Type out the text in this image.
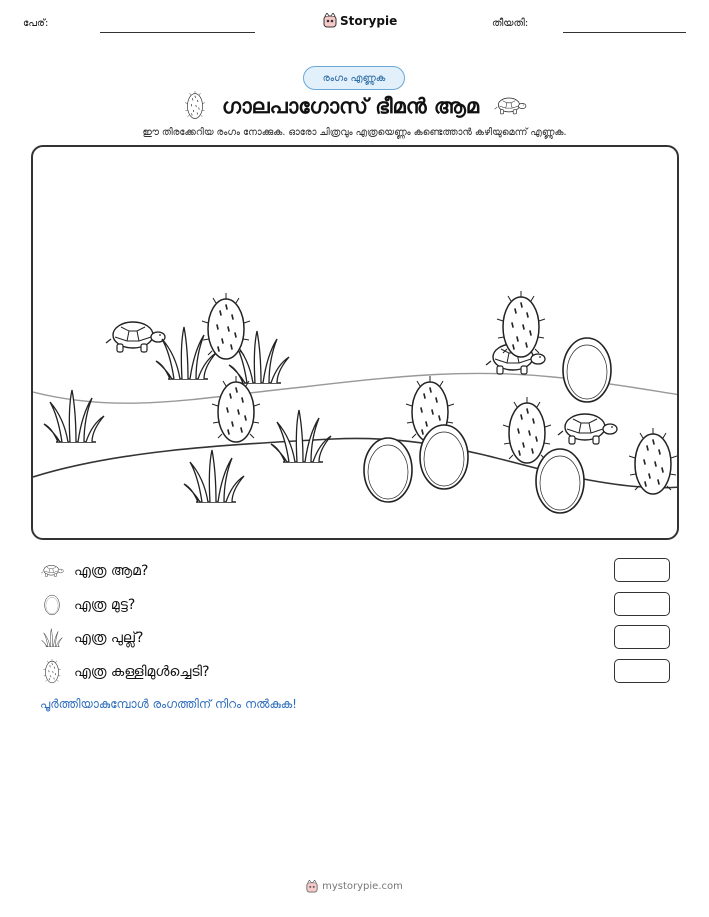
പേര്:	Storypie	തീയതി:
രംഗം എണ്ണുക
ഗാലപാഗോസ് ഭീമൻ ആമ
ഈ തിരക്കേറിയ രംഗം നോക്കുക. ഓരോ ചിത്രവും എത്രയെണ്ണം കണ്ടെത്താൻ കഴിയുമെന്ന് എണ്ണുക.
എത്ര ആമ?
എത്ര മുട്ട?
എത്ര പുല്ല്?
എത്ര കള്ളിമുൾച്ചെടി?
പൂർത്തിയാകുമ്പോൾ രംഗത്തിന് നിറം നൽകുക!
mystorypie.com
